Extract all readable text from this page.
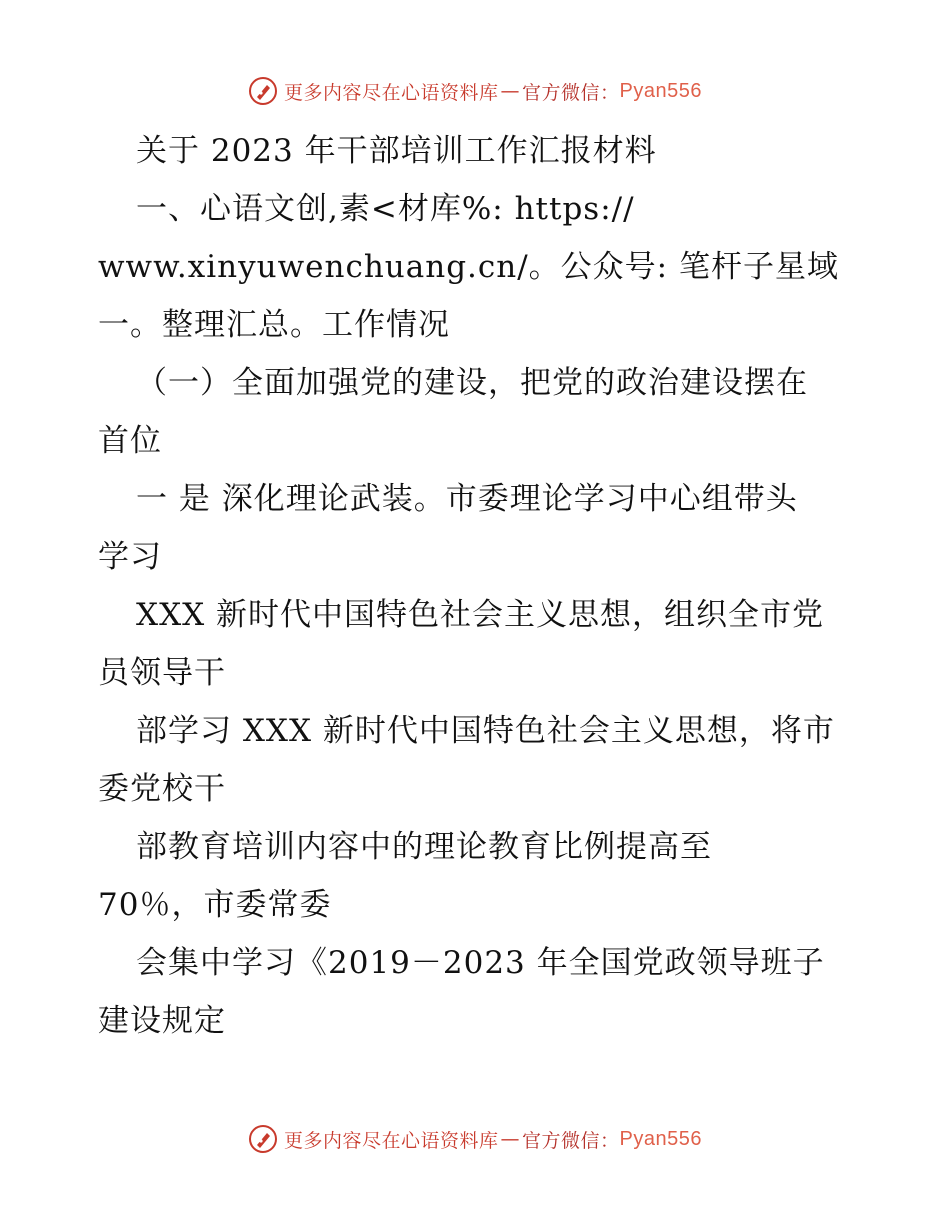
更多内容尽在心语资料库 — 官方微信： Pyan556
关于 2023 年干部培训工作汇报材料
一、心语文创,素<材库%: https://
www.xinyuwenchuang.cn/。公众号: 笔杆子星域
一。整理汇总。工作情况
（一）全面加强党的建设，把党的政治建设摆在
首位
一 是 深化理论武装。市委理论学习中心组带头
学习
XXX 新时代中国特色社会主义思想，组织全市党
员领导干
部学习 XXX 新时代中国特色社会主义思想，将市
委党校干
部教育培训内容中的理论教育比例提高至
70％，市委常委
会集中学习《2019－2023 年全国党政领导班子
建设规定
更多内容尽在心语资料库 — 官方微信： Pyan556
